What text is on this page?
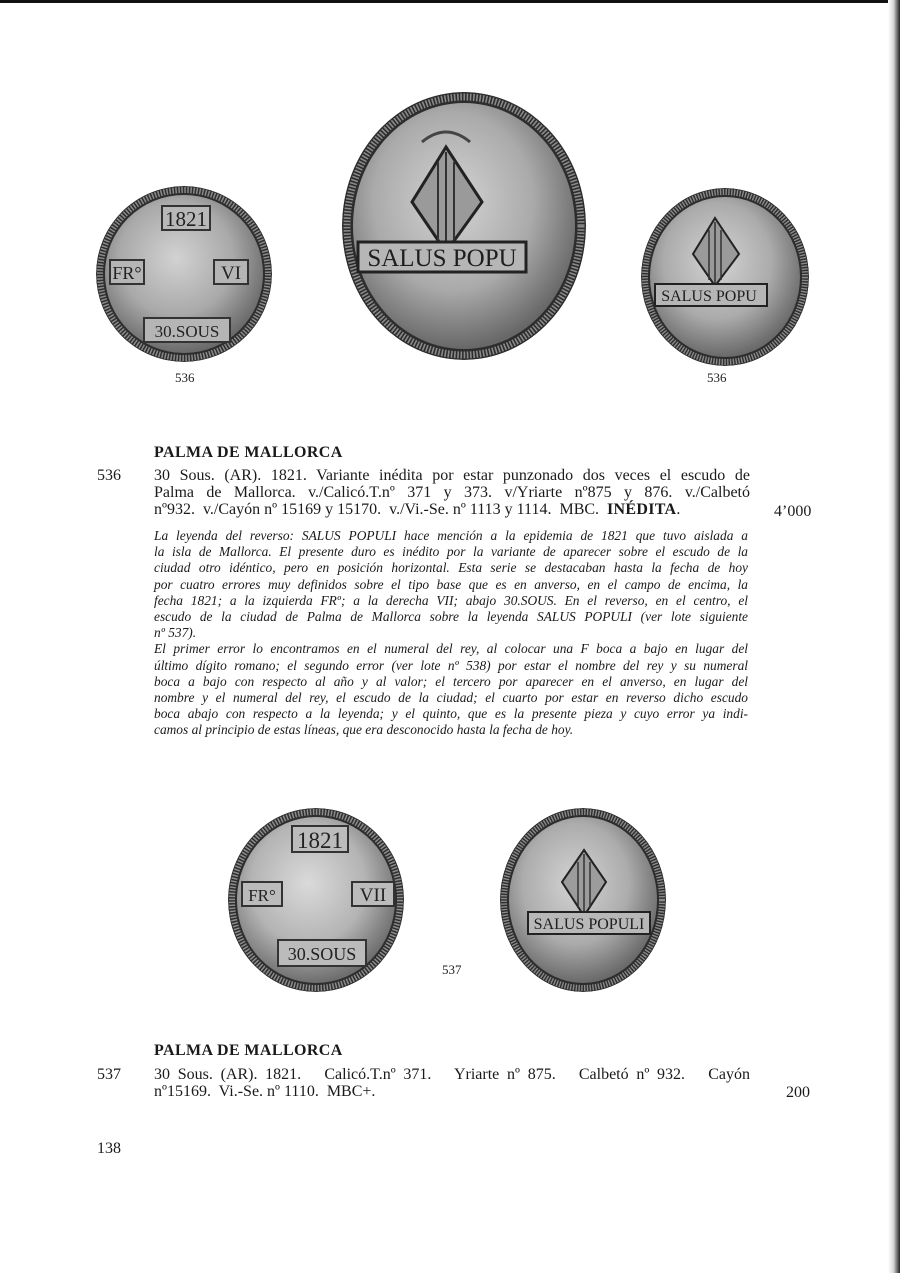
1821
FR°	VI
30.SOUS
SALUS POPU
SALUS POPU
536	536
PALMA DE MALLORCA
536 30 Sous. (AR). 1821. Variante inédita por estar punzonado dos veces el escudo de
Palma de Mallorca. v./Calicó.T.nº 371 y 373. v/Yriarte nº875 y 876. v./Calbetó
nº932.  v./Cayón nº 15169 y 15170.  v./Vi.-Se. nº 1113 y 1114.  MBC.  INÉDITA.	4’000
La leyenda del reverso: SALUS POPULI hace mención a la epidemia de 1821 que tuvo aislada a
la isla de Mallorca. El presente duro es inédito por la variante de aparecer sobre el escudo de la
ciudad otro idéntico, pero en posición horizontal. Esta serie se destacaban hasta la fecha de hoy
por cuatro errores muy definidos sobre el tipo base que es en anverso, en el campo de encima, la
fecha 1821; a la izquierda FRº; a la derecha VII; abajo 30.SOUS. En el reverso, en el centro, el
escudo de la ciudad de Palma de Mallorca sobre la leyenda SALUS POPULI (ver lote siguiente
nº 537).
El primer error lo encontramos en el numeral del rey, al colocar una F boca a bajo en lugar del
último dígito romano; el segundo error (ver lote nº 538) por estar el nombre del rey y su numeral
boca a bajo con respecto al año y al valor; el tercero por aparecer en el anverso, en lugar del
nombre y el numeral del rey, el escudo de la ciudad; el cuarto por estar en reverso dicho escudo
boca abajo con respecto a la leyenda; y el quinto, que es la presente pieza y cuyo error ya indi-
camos al principio de estas líneas, que era desconocido hasta la fecha de hoy.
1821
FR°	VII
30.SOUS
SALUS POPULI
537
PALMA DE MALLORCA
537 30 Sous. (AR). 1821.   Calicó.T.nº 371.   Yriarte nº 875.   Calbetó nº 932.   Cayón
nº15169.  Vi.-Se. nº 1110.  MBC+.	200
138
